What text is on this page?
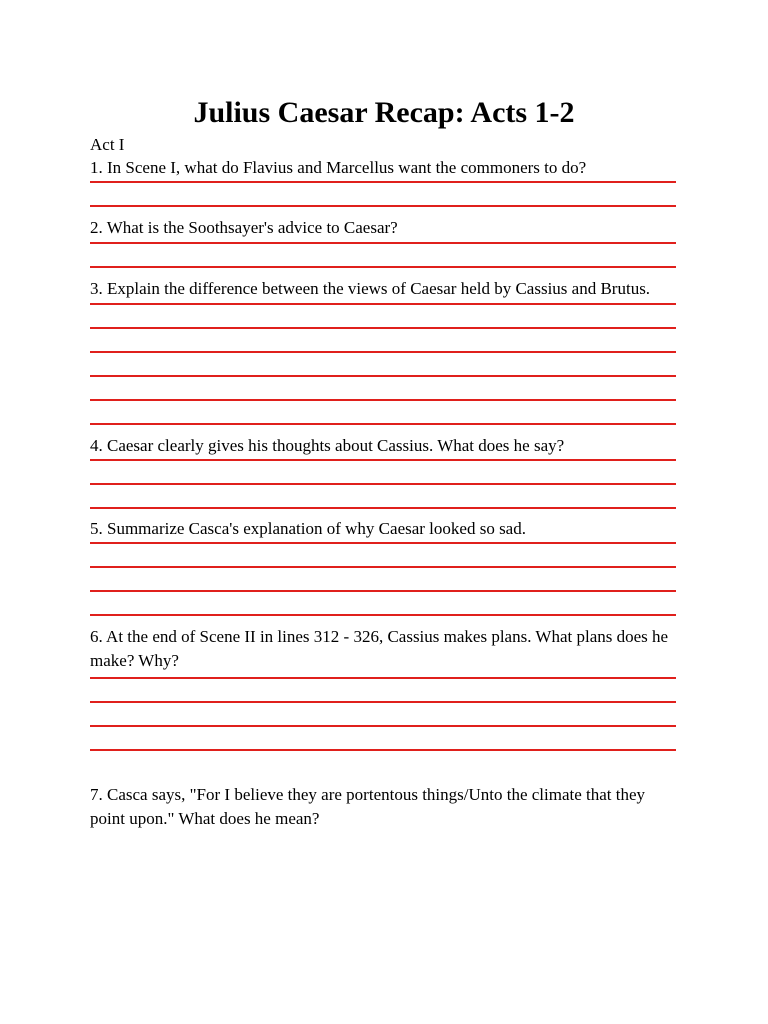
Julius Caesar Recap: Acts 1-2

Act I

1. In Scene I, what do Flavius and Marcellus want the commoners to do?

2. What is the Soothsayer's advice to Caesar?

3. Explain the difference between the views of Caesar held by Cassius and Brutus.

4. Caesar clearly gives his thoughts about Cassius. What does he say?

5. Summarize Casca's explanation of why Caesar looked so sad.

6. At the end of Scene II in lines 312 - 326, Cassius makes plans. What plans does he make? Why?

7. Casca says, "For I believe they are portentous things/Unto the climate that they point upon." What does he mean?
